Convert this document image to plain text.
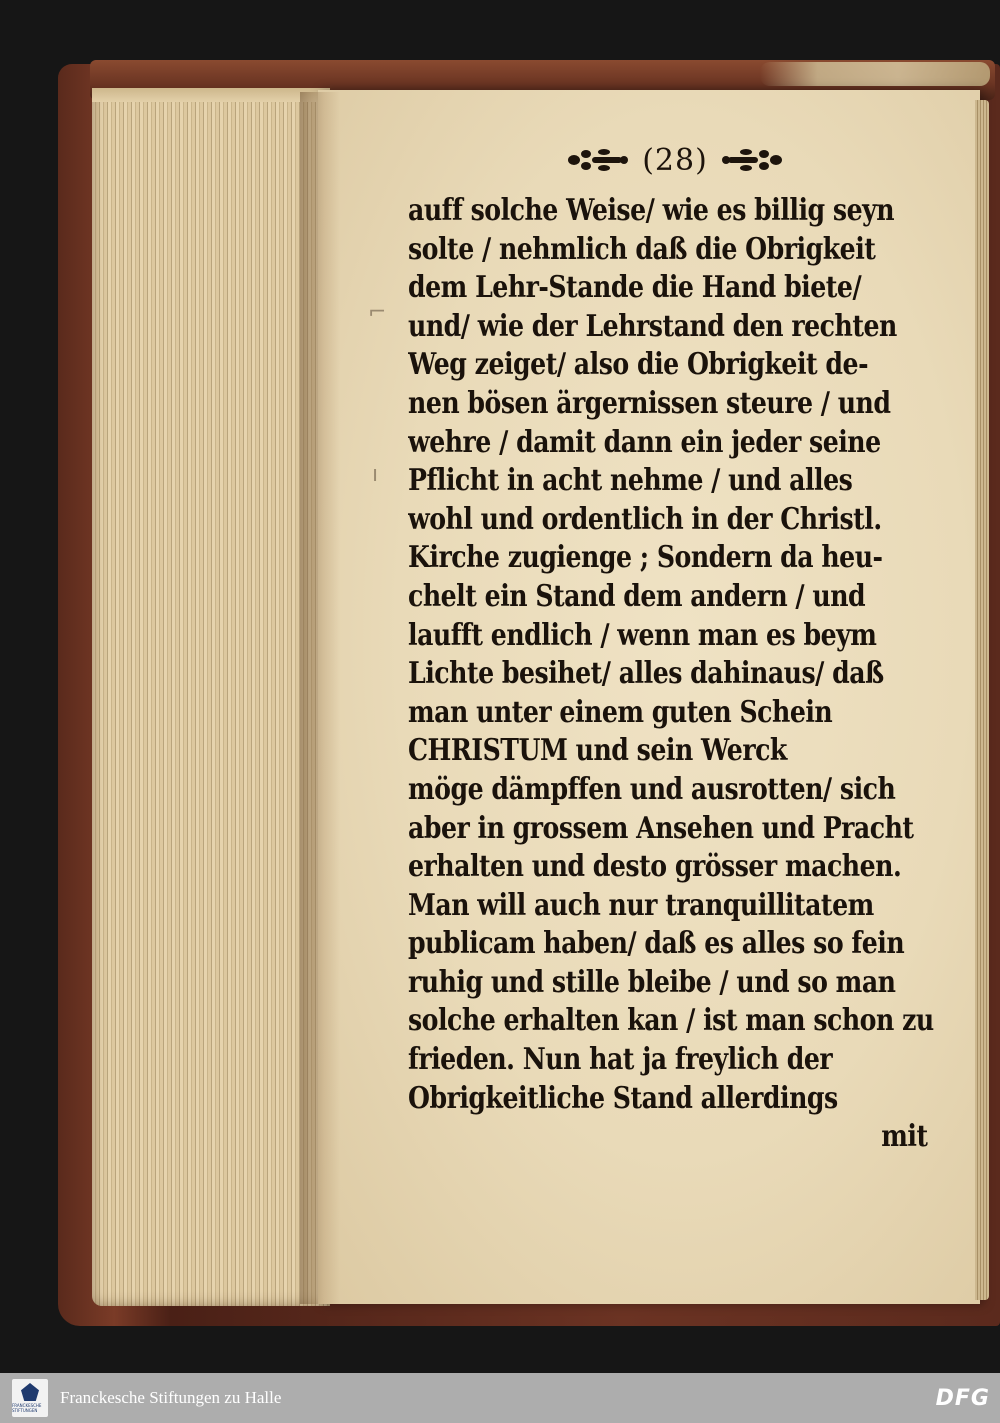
(28)
⌐
ı
auff solche Weise/ wie es billig seyn
solte / nehmlich daß die Obrigkeit
dem Lehr-Stande die Hand biete/
und/ wie der Lehrstand den rechten
Weg zeiget/ also die Obrigkeit de-
nen bösen ärgernissen steure / und
wehre / damit dann ein jeder seine
Pflicht in acht nehme / und alles
wohl und ordentlich in der Christl.
Kirche zugienge ; Sondern da heu-
chelt ein Stand dem andern / und
laufft endlich / wenn man es beym
Lichte besihet/ alles dahinaus/ daß
man unter einem guten Schein
CHRISTUM und sein Werck
möge dämpffen und ausrotten/ sich
aber in grossem Ansehen und Pracht
erhalten und desto grösser machen.
Man will auch nur tranquillitatem
publicam haben/ daß es alles so fein
ruhig und stille bleibe / und so man
solche erhalten kan / ist man schon zu
frieden. Nun hat ja freylich der
Obrigkeitliche Stand allerdings
mit
FRANCKESCHE STIFTUNGEN
Franckesche Stiftungen zu Halle	DFG
